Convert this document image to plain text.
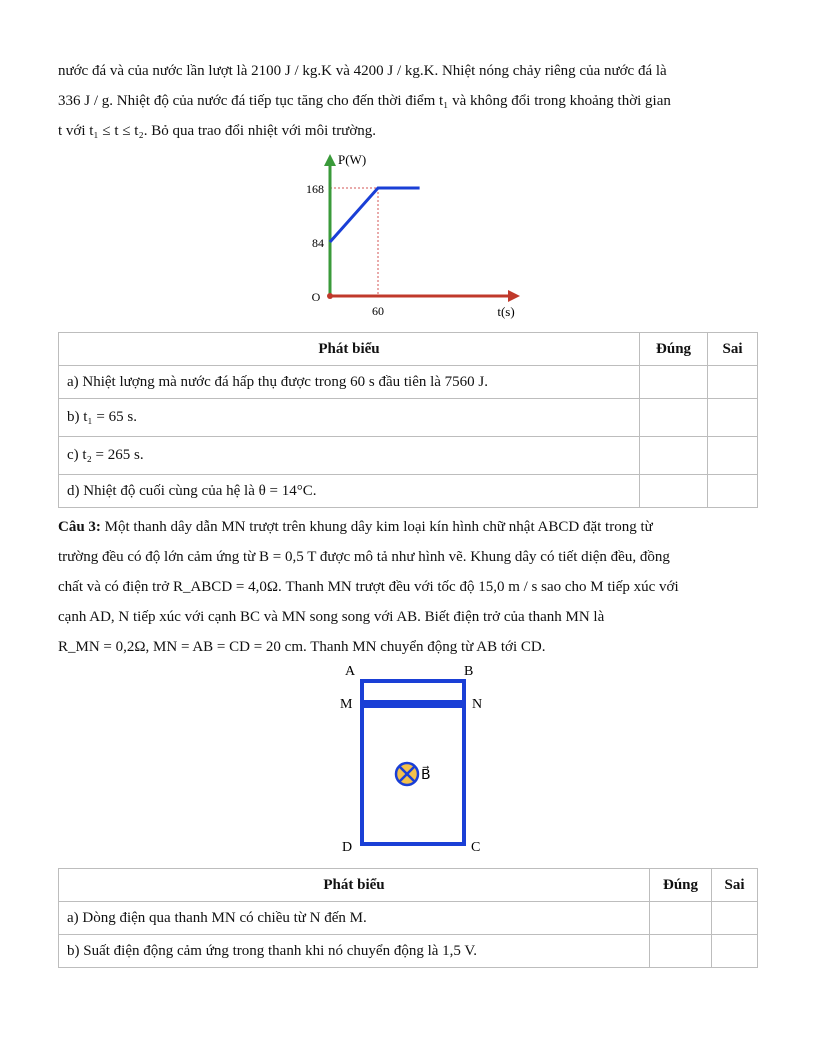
nước đá và của nước lần lượt là 2100 J / kg.K và 4200 J / kg.K. Nhiệt nóng chảy riêng của nước đá là

336 J / g. Nhiệt độ của nước đá tiếp tục tăng cho đến thời điểm t₁ và không đổi trong khoảng thời gian

t với t₁ ≤ t ≤ t₂. Bỏ qua trao đổi nhiệt với môi trường.

168
84
60
O
P(W)
t(s)
Phát biểu	Đúng	Sai
a) Nhiệt lượng mà nước đá hấp thụ được trong 60 s đầu tiên là 7560 J.		
b) t₁ = 65 s.		
c) t₂ = 265 s.		
d) Nhiệt độ cuối cùng của hệ là θ = 14°C.		

Câu 3: Một thanh dây dẫn MN trượt trên khung dây kim loại kín hình chữ nhật ABCD đặt trong từ

trường đều có độ lớn cảm ứng từ B = 0,5 T được mô tả như hình vẽ. Khung dây có tiết diện đều, đồng

chất và có điện trở R_ABCD = 4,0Ω. Thanh MN trượt đều với tốc độ 15,0 m / s sao cho M tiếp xúc với

cạnh AD, N tiếp xúc với cạnh BC và MN song song với AB. Biết điện trở của thanh MN là

R_MN = 0,2Ω, MN = AB = CD = 20 cm. Thanh MN chuyển động từ AB tới CD.

B⃗
A	B
M	N
D	C
Phát biểu	Đúng	Sai
a) Dòng điện qua thanh MN có chiều từ N đến M.		
b) Suất điện động cảm ứng trong thanh khi nó chuyển động là 1,5 V.		
